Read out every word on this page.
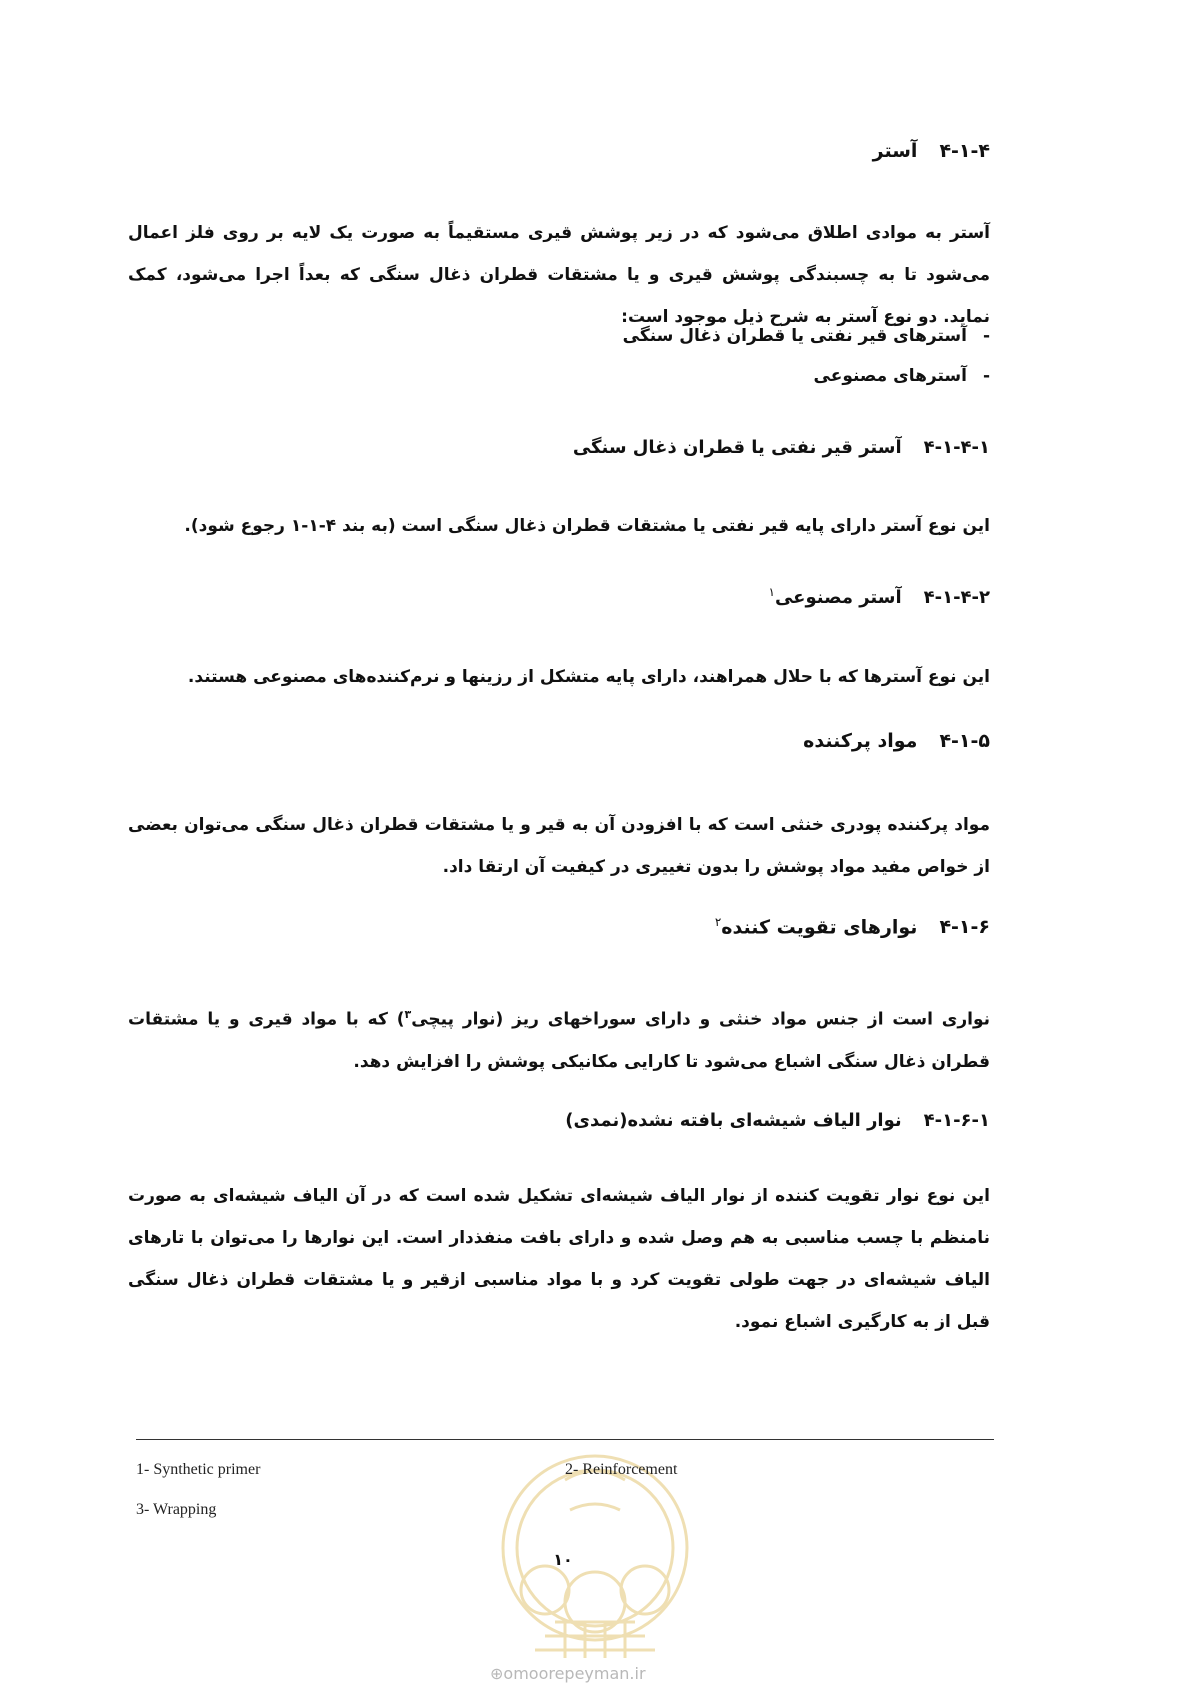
۴-۱-۴آستر

آستر به موادی اطلاق می‌شود که در زیر پوشش قیری مستقیماً به صورت یک لایه بر روی فلز اعمال می‌شود تا به چسبندگی پوشش قیری و یا مشتقات قطران ذغال سنگی که بعداً اجرا می‌شود، کمک نماید. دو نوع آستر به شرح ذیل موجود است:

-آسترهای قیر نفتی یا قطران ذغال سنگی
-آسترهای مصنوعی
۴-۱-۴-۱آستر قیر نفتی یا قطران ذغال سنگی

این نوع آستر دارای پایه قیر نفتی یا مشتقات قطران ذغال سنگی است (به بند ۴-۱-۱ رجوع شود).

۴-۱-۴-۲آستر مصنوعی$^۱$

این نوع آسترها که با حلال همراهند، دارای پایه متشکل از رزینها و نرم‌کننده‌های مصنوعی هستند.

۴-۱-۵مواد پرکننده

مواد پرکننده پودری خنثی است که با افزودن آن به قیر و یا مشتقات قطران ذغال سنگی می‌توان بعضی از خواص مفید مواد پوشش را بدون تغییری در کیفیت آن ارتقا داد.

۴-۱-۶نوارهای تقویت کننده$^۲$

نواری است از جنس مواد خنثی و دارای سوراخهای ریز (نوار پیچی$^۳$) که با مواد قیری و یا مشتقات قطران ذغال سنگی اشباع می‌شود تا کارایی مکانیکی پوشش را افزایش دهد.

۴-۱-۶-۱نوار الیاف شیشه‌ای بافته نشده(نمدی)

این نوع نوار تقویت کننده از نوار الیاف شیشه‌ای تشکیل شده است که در آن الیاف شیشه‌ای به صورت نامنظم با چسب مناسبی به هم وصل شده و دارای بافت منفذدار است. این نوارها را می‌توان با تارهای الیاف شیشه‌ای در جهت طولی تقویت کرد و با مواد مناسبی ازقیر و یا مشتقات قطران ذغال سنگی قبل از به کارگیری اشباع نمود.

1- Synthetic primer	2- Reinforcement
3- Wrapping
۱۰
⊕omoorepeyman.ir
